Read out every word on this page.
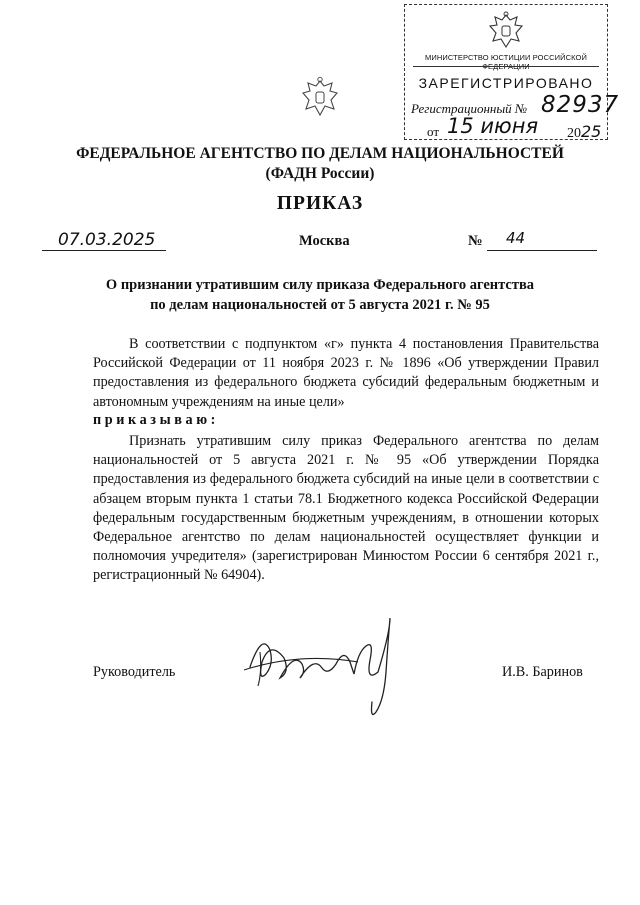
МИНИСТЕРСТВО ЮСТИЦИИ РОССИЙСКОЙ ФЕДЕРАЦИИ
ЗАРЕГИСТРИРОВАНО
Регистрационный № 82937
от 15 июня 2025
ФЕДЕРАЛЬНОЕ АГЕНТСТВО ПО ДЕЛАМ НАЦИОНАЛЬНОСТЕЙ
(ФАДН России)
ПРИКАЗ
07.03.2025	Москва	№ 44
О признании утратившим силу приказа Федерального агентства
по делам национальностей от 5 августа 2021 г. № 95
В соответствии с подпунктом «г» пункта 4 постановления Правительства Российской Федерации от 11 ноября 2023 г. № 1896 «Об утверждении Правил предоставления из федерального бюджета субсидий федеральным бюджетным и автономным учреждениям на иные цели»
приказываю:
Признать утратившим силу приказ Федерального агентства по делам национальностей от 5 августа 2021 г. № 95 «Об утверждении Порядка предоставления из федерального бюджета субсидий на иные цели в соответствии с абзацем вторым пункта 1 статьи 78.1 Бюджетного кодекса Российской Федерации федеральным государственным бюджетным учреждениям, в отношении которых Федеральное агентство по делам национальностей осуществляет функции и полномочия учредителя» (зарегистрирован Минюстом России 6 сентября 2021 г., регистрационный № 64904).
Руководитель	И.В. Баринов
